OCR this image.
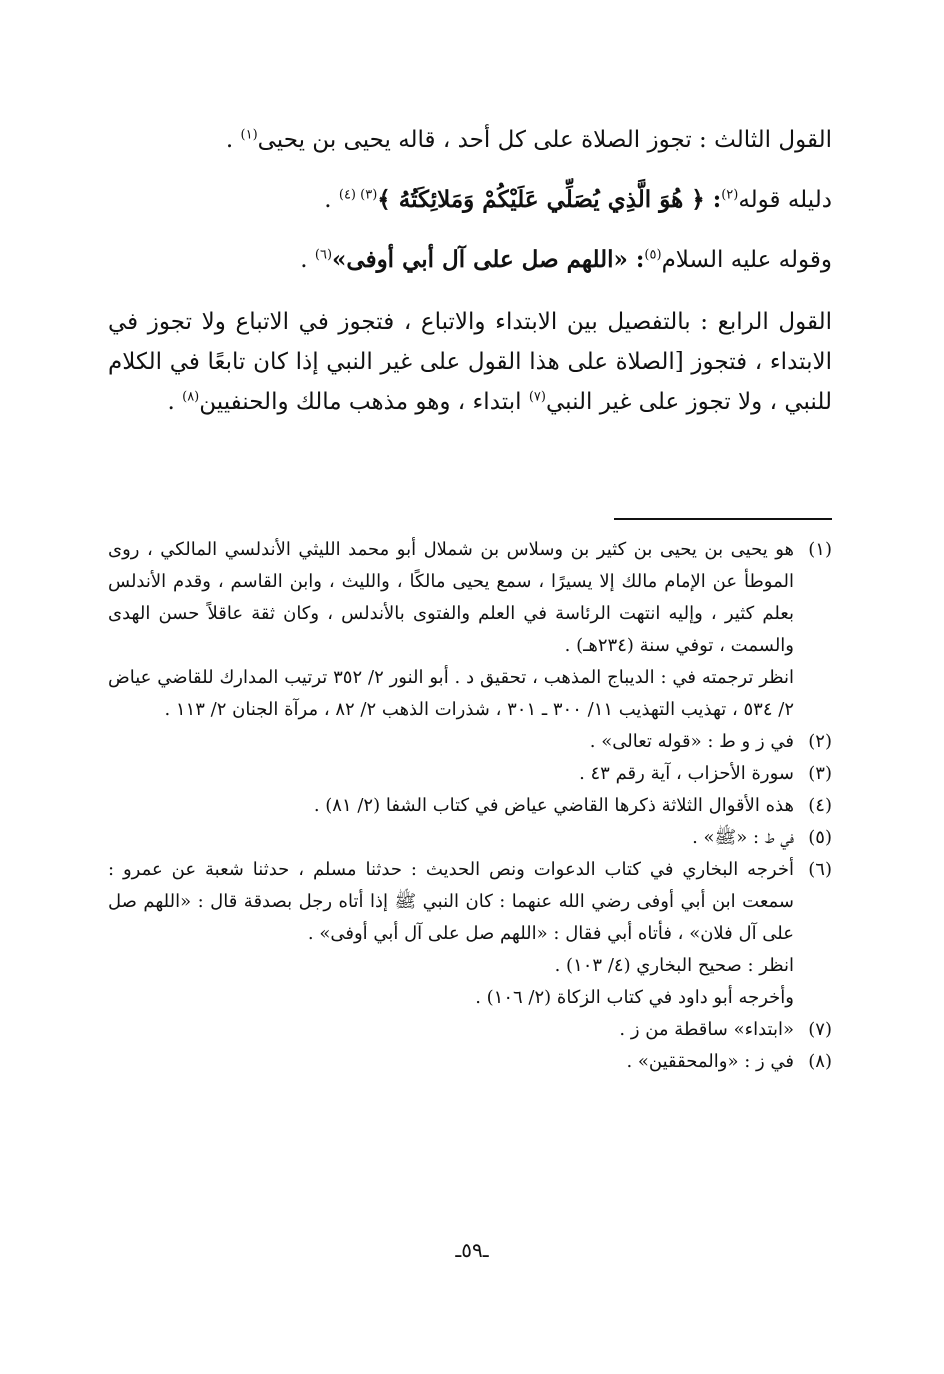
القول الثالث : تجوز الصلاة على كل أحد ، قاله يحيى بن يحيى$^{(١)}$ .

دليله قوله$^{(٢)}$: ﴿ هُوَ الَّذِي يُصَلِّي عَلَيْكُمْ وَمَلائِكَتُهُ ﴾$^{(٣) (٤)}$ .

وقوله عليه السلام$^{(٥)}$: «اللهم صل على آل أبي أوفى»$^{(٦)}$ .

القول الرابع : بالتفصيل بين الابتداء والاتباع ، فتجوز في الاتباع ولا تجوز في الابتداء ، فتجوز [الصلاة على هذا القول على غير النبي إذا كان تابعًا في الكلام للنبي ، ولا تجوز على غير النبي$^{(٧)}$ ابتداء ، وهو مذهب مالك والحنفيين$^{(٨)}$ .

(١)
هو يحيى بن يحيى بن كثير بن وسلاس بن شملال أبو محمد الليثي الأندلسي المالكي ، روى الموطأ عن الإمام مالك إلا يسيرًا ، سمع يحيى مالكًا ، والليث ، وابن القاسم ، وقدم الأندلس بعلم كثير ، وإليه انتهت الرئاسة في العلم والفتوى بالأندلس ، وكان ثقة عاقلاً حسن الهدى والسمت ، توفي سنة (٢٣٤هـ) .
انظر ترجمته في : الديباج المذهب ، تحقيق د . أبو النور ٢/ ٣٥٢ ترتيب المدارك للقاضي عياض ٢/ ٥٣٤ ، تهذيب التهذيب ١١/ ٣٠٠ ـ ٣٠١ ، شذرات الذهب ٢/ ٨٢ ، مرآة الجنان ٢/ ١١٣ .
(٢)
في ز و ط : «قوله تعالى» .
(٣)
سورة الأحزاب ، آية رقم ٤٣ .
(٤)
هذه الأقوال الثلاثة ذكرها القاضي عياض في كتاب الشفا (٢/ ٨١) .
(٥)
في ط : «ﷺ» .
(٦)
أخرجه البخاري في كتاب الدعوات ونص الحديث : حدثنا مسلم ، حدثنا شعبة عن عمرو : سمعت ابن أبي أوفى رضي الله عنهما : كان النبي ﷺ إذا أتاه رجل بصدقة قال : «اللهم صل على آل فلان» ، فأتاه أبي فقال : «اللهم صل على آل أبي أوفى» .
انظر : صحيح البخاري (٤/ ١٠٣) .
وأخرجه أبو داود في كتاب الزكاة (٢/ ١٠٦) .
(٧)
«ابتداء» ساقطة من ز .
(٨)
في ز : «والمحققين» .
ـ٥٩ـ
